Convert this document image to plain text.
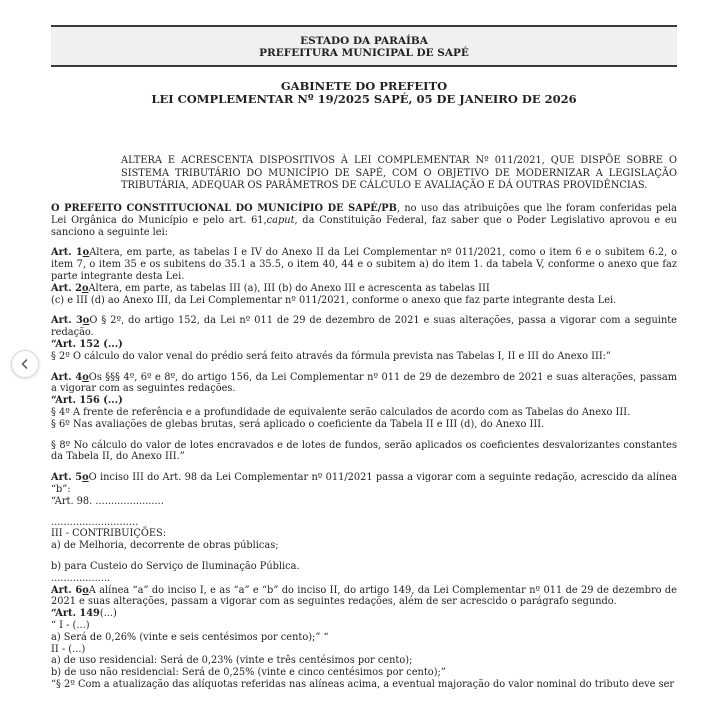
ESTADO DA PARAÍBA
PREFEITURA MUNICIPAL DE SAPÉ
GABINETE DO PREFEITO
LEI COMPLEMENTAR Nº 19/2025 SAPÉ, 05 DE JANEIRO DE 2026
ALTERA E ACRESCENTA DISPOSITIVOS À LEI COMPLEMENTAR Nº 011/2021, QUE DISPÕE SOBRE O SISTEMA TRIBUTÁRIO DO MUNICÍPIO DE SAPÉ, COM O OBJETIVO DE MODERNIZAR A LEGISLAÇÃO TRIBUTÁRIA, ADEQUAR OS PARÂMETROS DE CÁLCULO E AVALIAÇÃO E DÁ OUTRAS PROVIDÊNCIAS.

O PREFEITO CONSTITUCIONAL DO MUNICÍPIO DE SAPÉ/PB, no uso das atribuições que lhe foram conferidas pela Lei Orgânica do Município e pelo art. 61,caput, da Constituição Federal, faz saber que o Poder Legislativo aprovou e eu sanciono a seguinte lei:

Art. 1oAltera, em parte, as tabelas I e IV do Anexo II da Lei Complementar nº 011/2021, como o item 6 e o subitem 6.2, o item 7, o item 35 e os subitens do 35.1 a 35.5, o item 40, 44 e o subitem a) do item 1. da tabela V, conforme o anexo que faz parte integrante desta Lei.

Art. 2oAltera, em parte, as tabelas III (a), III (b) do Anexo III e acrescenta as tabelas III

(c) e III (d) ao Anexo III, da Lei Complementar nº 011/2021, conforme o anexo que faz parte integrante desta Lei.

Art. 3oO § 2º, do artigo 152, da Lei nº 011 de 29 de dezembro de 2021 e suas alterações, passa a vigorar com a seguinte redação.

“Art. 152 (...)

§ 2º O cálculo do valor venal do prédio será feito através da fórmula prevista nas Tabelas I, II e III do Anexo III:”

Art. 4oOs §§§ 4º, 6º e 8º, do artigo 156, da Lei Complementar nº 011 de 29 de dezembro de 2021 e suas alterações, passam a vigorar com as seguintes redações.

“Art. 156 (...)

§ 4º A frente de referência e a profundidade de equivalente serão calculados de acordo com as Tabelas do Anexo III.

§ 6º Nas avaliações de glebas brutas, será aplicado o coeficiente da Tabela II e III (d), do Anexo III.

§ 8º No cálculo do valor de lotes encravados e de lotes de fundos, serão aplicados os coeficientes desvalorizantes constantes da Tabela II, do Anexo III.”

Art. 5oO inciso III do Art. 98 da Lei Complementar nº 011/2021 passa a vigorar com a seguinte redação, acrescido da alínea “b”:

“Art. 98. ......................

............................

III - CONTRIBUIÇÕES:

a) de Melhoria, decorrente de obras públicas;

b) para Custeio do Serviço de Iluminação Pública.

...................

Art. 6oA alínea “a” do inciso I, e as “a” e “b” do inciso II, do artigo 149, da Lei Complementar nº 011 de 29 de dezembro de 2021 e suas alterações, passam a vigorar com as seguintes redações, além de ser acrescido o parágrafo segundo.

“Art. 149(...)

“ I - (...)

a) Será de 0,26% (vinte e seis centésimos por cento);” “

II - (...)

a) de uso residencial: Será de 0,23% (vinte e três centésimos por cento);

b) de uso não residencial: Será de 0,25% (vinte e cinco centésimos por cento);”

“§ 2º Com a atualização das alíquotas referidas nas alíneas acima, a eventual majoração do valor nominal do tributo deve ser
